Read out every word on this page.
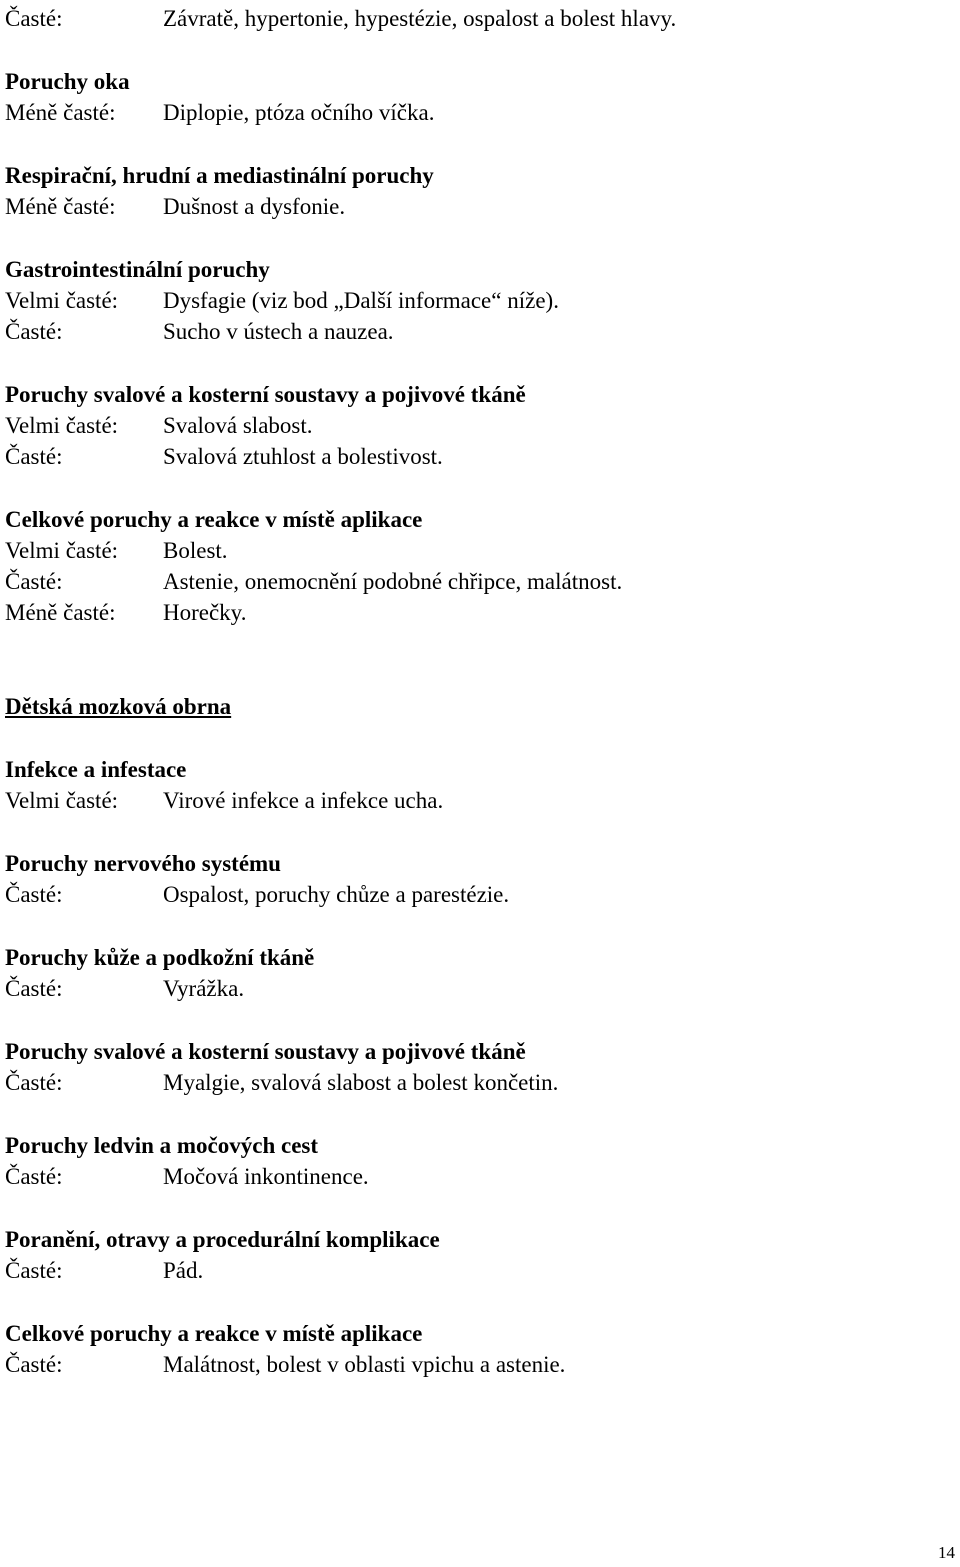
Časté:	Závratě, hypertonie, hypestézie, ospalost a bolest hlavy.
Poruchy oka
Méně časté:	Diplopie, ptóza očního víčka.
Respirační, hrudní a mediastinální poruchy
Méně časté:	Dušnost a dysfonie.
Gastrointestinální poruchy
Velmi časté:	Dysfagie (viz bod „Další informace“ níže).
Časté:	Sucho v ústech a nauzea.
Poruchy svalové a kosterní soustavy a pojivové tkáně
Velmi časté:	Svalová slabost.
Časté:	Svalová ztuhlost a bolestivost.
Celkové poruchy a reakce v místě aplikace
Velmi časté:	Bolest.
Časté:	Astenie, onemocnění podobné chřipce, malátnost.
Méně časté:	Horečky.
Dětská mozková obrna
Infekce a infestace
Velmi časté:	Virové infekce a infekce ucha.
Poruchy nervového systému
Časté:	Ospalost, poruchy chůze a parestézie.
Poruchy kůže a podkožní tkáně
Časté:	Vyrážka.
Poruchy svalové a kosterní soustavy a pojivové tkáně
Časté:	Myalgie, svalová slabost a bolest končetin.
Poruchy ledvin a močových cest
Časté:	Močová inkontinence.
Poranění, otravy a procedurální komplikace
Časté:	Pád.
Celkové poruchy a reakce v místě aplikace
Časté:	Malátnost, bolest v oblasti vpichu a astenie.
14
